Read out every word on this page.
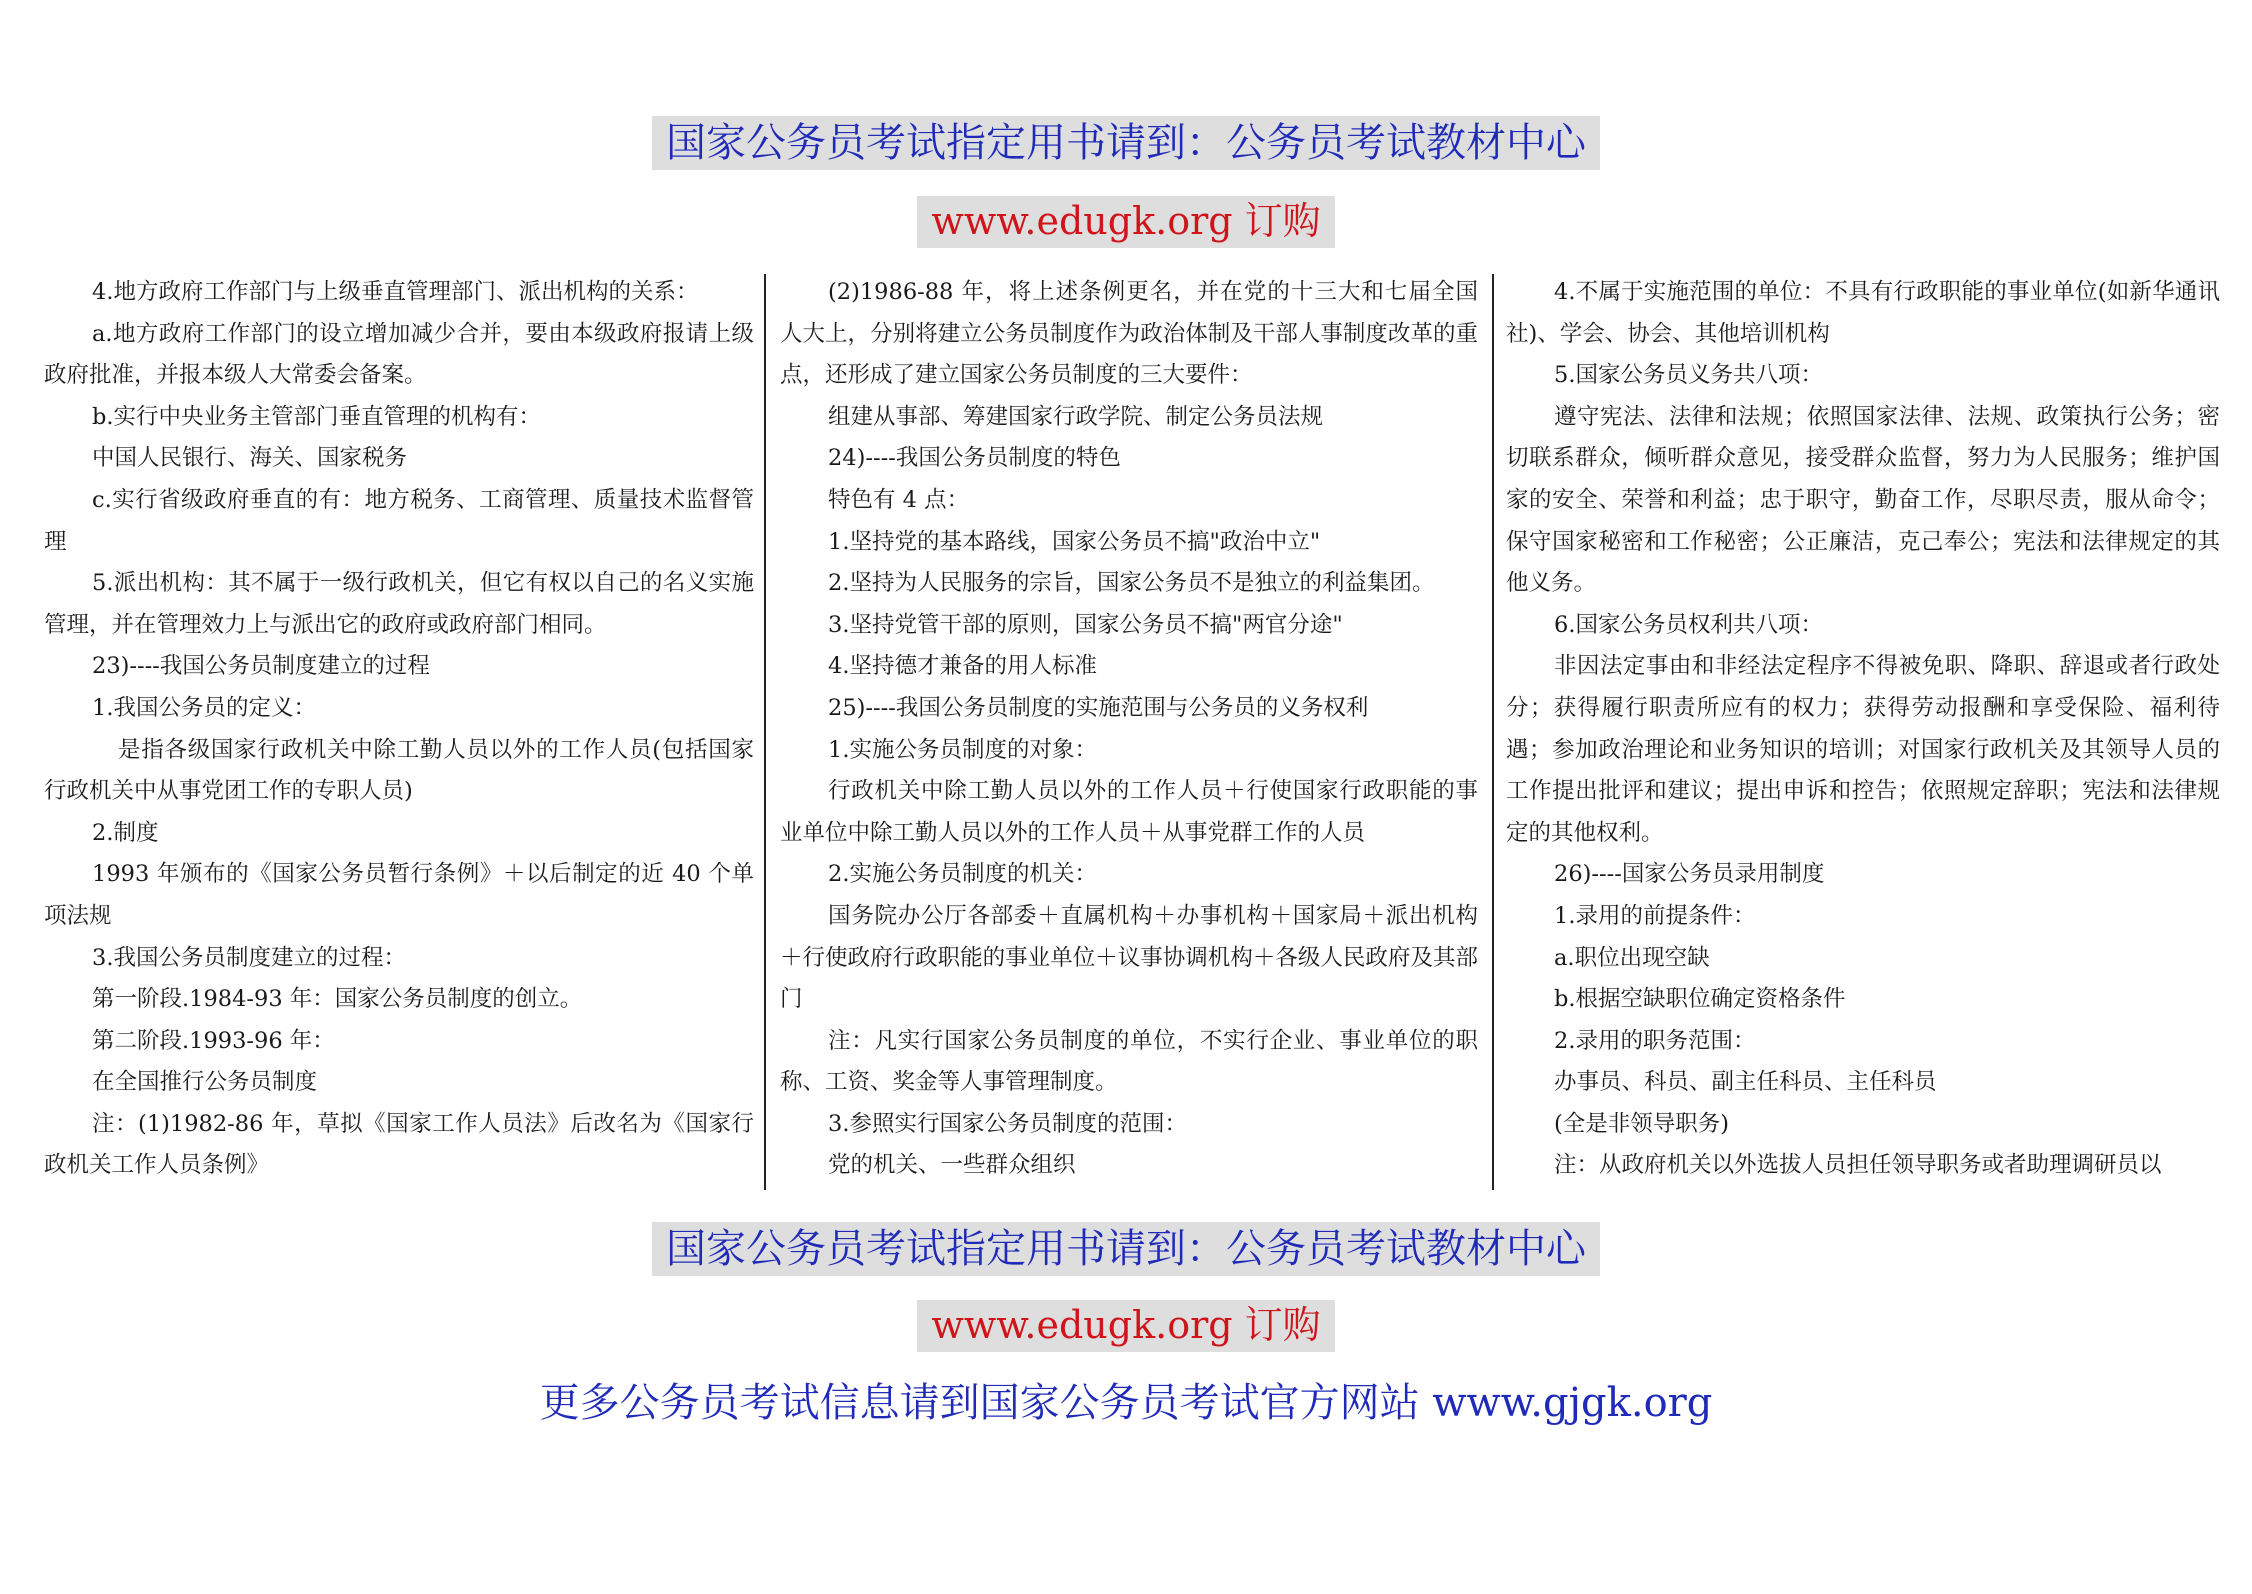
国家公务员考试指定用书请到：公务员考试教材中心
www.edugk.org 订购

4.地方政府工作部门与上级垂直管理部门、派出机构的关系：

a.地方政府工作部门的设立增加减少合并，要由本级政府报请上级政府批准，并报本级人大常委会备案。

b.实行中央业务主管部门垂直管理的机构有：

中国人民银行、海关、国家税务

c.实行省级政府垂直的有：地方税务、工商管理、质量技术监督管理

5.派出机构：其不属于一级行政机关，但它有权以自己的名义实施管理，并在管理效力上与派出它的政府或政府部门相同。

23)----我国公务员制度建立的过程

1.我国公务员的定义：

是指各级国家行政机关中除工勤人员以外的工作人员(包括国家行政机关中从事党团工作的专职人员)

2.制度

1993 年颁布的《国家公务员暂行条例》＋以后制定的近 40 个单项法规

3.我国公务员制度建立的过程：

第一阶段.1984-93 年：国家公务员制度的创立。

第二阶段.1993-96 年：

在全国推行公务员制度

注：(1)1982-86 年，草拟《国家工作人员法》后改名为《国家行政机关工作人员条例》

(2)1986-88 年，将上述条例更名，并在党的十三大和七届全国人大上，分别将建立公务员制度作为政治体制及干部人事制度改革的重点，还形成了建立国家公务员制度的三大要件：

组建从事部、筹建国家行政学院、制定公务员法规

24)----我国公务员制度的特色

特色有 4 点：

1.坚持党的基本路线，国家公务员不搞"政治中立"

2.坚持为人民服务的宗旨，国家公务员不是独立的利益集团。

3.坚持党管干部的原则，国家公务员不搞"两官分途"

4.坚持德才兼备的用人标准

25)----我国公务员制度的实施范围与公务员的义务权利

1.实施公务员制度的对象：

行政机关中除工勤人员以外的工作人员＋行使国家行政职能的事业单位中除工勤人员以外的工作人员＋从事党群工作的人员

2.实施公务员制度的机关：

国务院办公厅各部委＋直属机构＋办事机构＋国家局＋派出机构＋行使政府行政职能的事业单位＋议事协调机构＋各级人民政府及其部门

注：凡实行国家公务员制度的单位，不实行企业、事业单位的职称、工资、奖金等人事管理制度。

3.参照实行国家公务员制度的范围：

党的机关、一些群众组织

4.不属于实施范围的单位：不具有行政职能的事业单位(如新华通讯社)、学会、协会、其他培训机构

5.国家公务员义务共八项：

遵守宪法、法律和法规；依照国家法律、法规、政策执行公务；密切联系群众，倾听群众意见，接受群众监督，努力为人民服务；维护国家的安全、荣誉和利益；忠于职守，勤奋工作，尽职尽责，服从命令；保守国家秘密和工作秘密；公正廉洁，克己奉公；宪法和法律规定的其他义务。

6.国家公务员权利共八项：

非因法定事由和非经法定程序不得被免职、降职、辞退或者行政处分；获得履行职责所应有的权力；获得劳动报酬和享受保险、福利待遇；参加政治理论和业务知识的培训；对国家行政机关及其领导人员的工作提出批评和建议；提出申诉和控告；依照规定辞职；宪法和法律规定的其他权利。

26)----国家公务员录用制度

1.录用的前提条件：

a.职位出现空缺

b.根据空缺职位确定资格条件

2.录用的职务范围：

办事员、科员、副主任科员、主任科员

(全是非领导职务)

注：从政府机关以外选拔人员担任领导职务或者助理调研员以

国家公务员考试指定用书请到：公务员考试教材中心
www.edugk.org 订购
更多公务员考试信息请到国家公务员考试官方网站 www.gjgk.org
